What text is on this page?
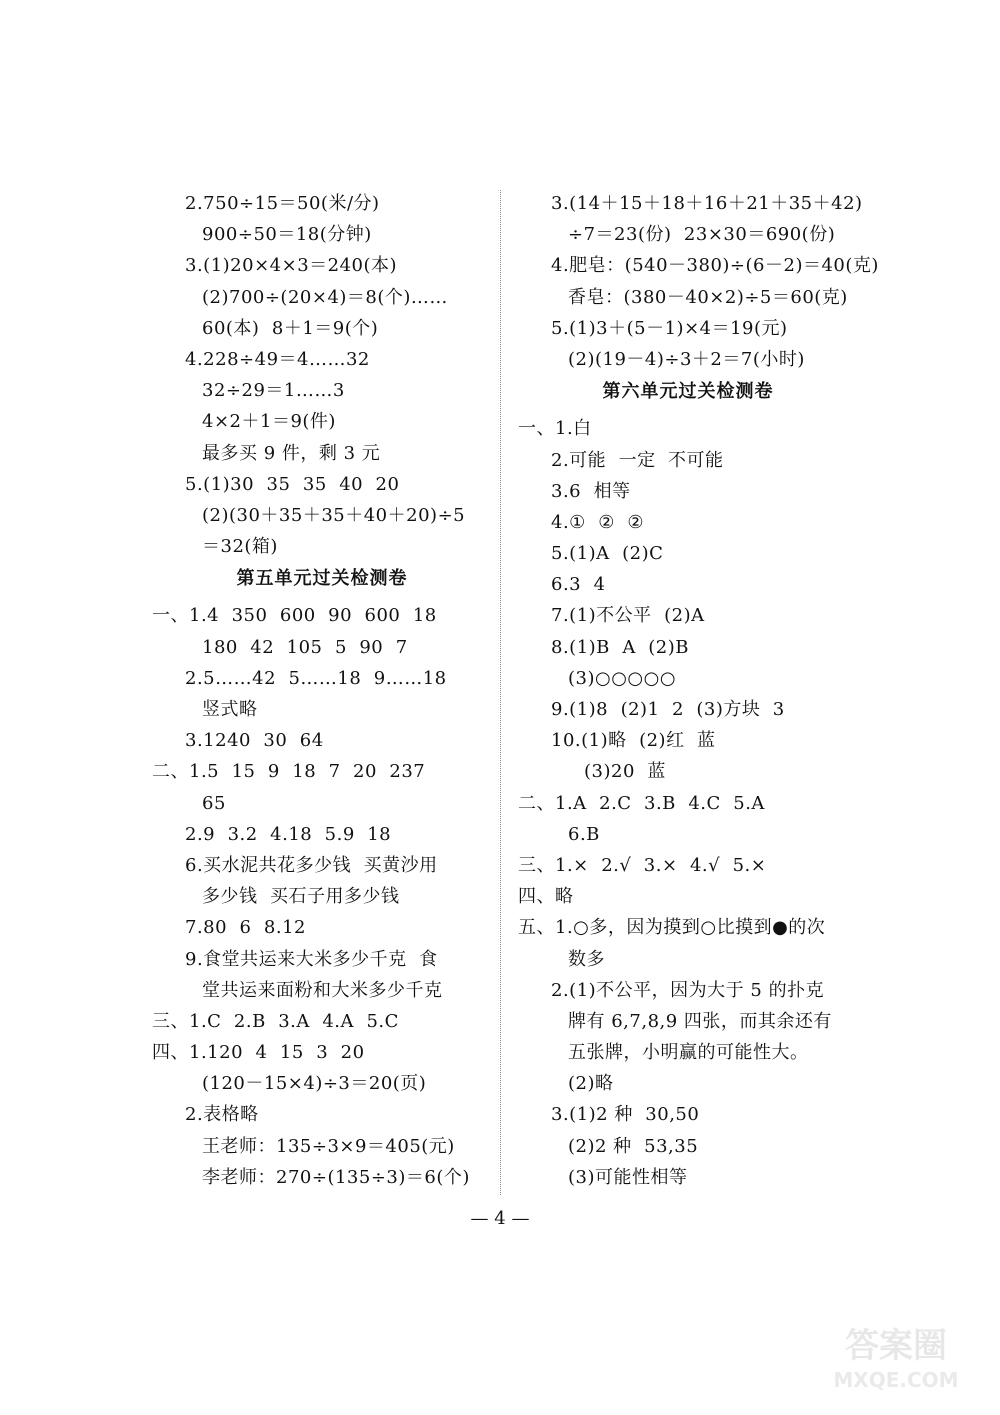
2.750÷15＝50(米/分)
900÷50＝18(分钟)
3.(1)20×4×3＝240(本)
(2)700÷(20×4)＝8(个)……
60(本)  8＋1＝9(个)
4.228÷49＝4……32
32÷29＝1……3
4×2＋1＝9(件)
最多买 9 件，剩 3 元
5.(1)30  35  35  40  20
(2)(30＋35＋35＋40＋20)÷5
＝32(箱)
第五单元过关检测卷
一、1.4  350  600  90  600  18
180  42  105  5  90  7
2.5……42  5……18  9……18
竖式略
3.1240  30  64
二、1.5  15  9  18  7  20  237
65
2.9  3.2  4.18  5.9  18
6.买水泥共花多少钱  买黄沙用
多少钱  买石子用多少钱
7.80  6  8.12
9.食堂共运来大米多少千克  食
堂共运来面粉和大米多少千克
三、1.C  2.B  3.A  4.A  5.C
四、1.120  4  15  3  20
(120－15×4)÷3＝20(页)
2.表格略
王老师：135÷3×9＝405(元)
李老师：270÷(135÷3)＝6(个)
3.(14＋15＋18＋16＋21＋35＋42)
÷7＝23(份)  23×30＝690(份)
4.肥皂：(540－380)÷(6－2)＝40(克)
香皂：(380－40×2)÷5＝60(克)
5.(1)3＋(5－1)×4＝19(元)
(2)(19－4)÷3＋2＝7(小时)
第六单元过关检测卷
一、1.白
2.可能  一定  不可能
3.6  相等
4.①  ②  ②
5.(1)A  (2)C
6.3  4
7.(1)不公平  (2)A
8.(1)B  A  (2)B
(3)○○○○○
9.(1)8  (2)1  2  (3)方块  3
10.(1)略  (2)红  蓝
(3)20  蓝
二、1.A  2.C  3.B  4.C  5.A
6.B
三、1.×  2.√  3.×  4.√  5.×
四、略
五、1.○多，因为摸到○比摸到●的次
数多
2.(1)不公平，因为大于 5 的扑克
牌有 6,7,8,9 四张，而其余还有
五张牌，小明赢的可能性大。
(2)略
3.(1)2 种  30,50
(2)2 种  53,35
(3)可能性相等
— 4 —
答案圈
MXQE.COM
